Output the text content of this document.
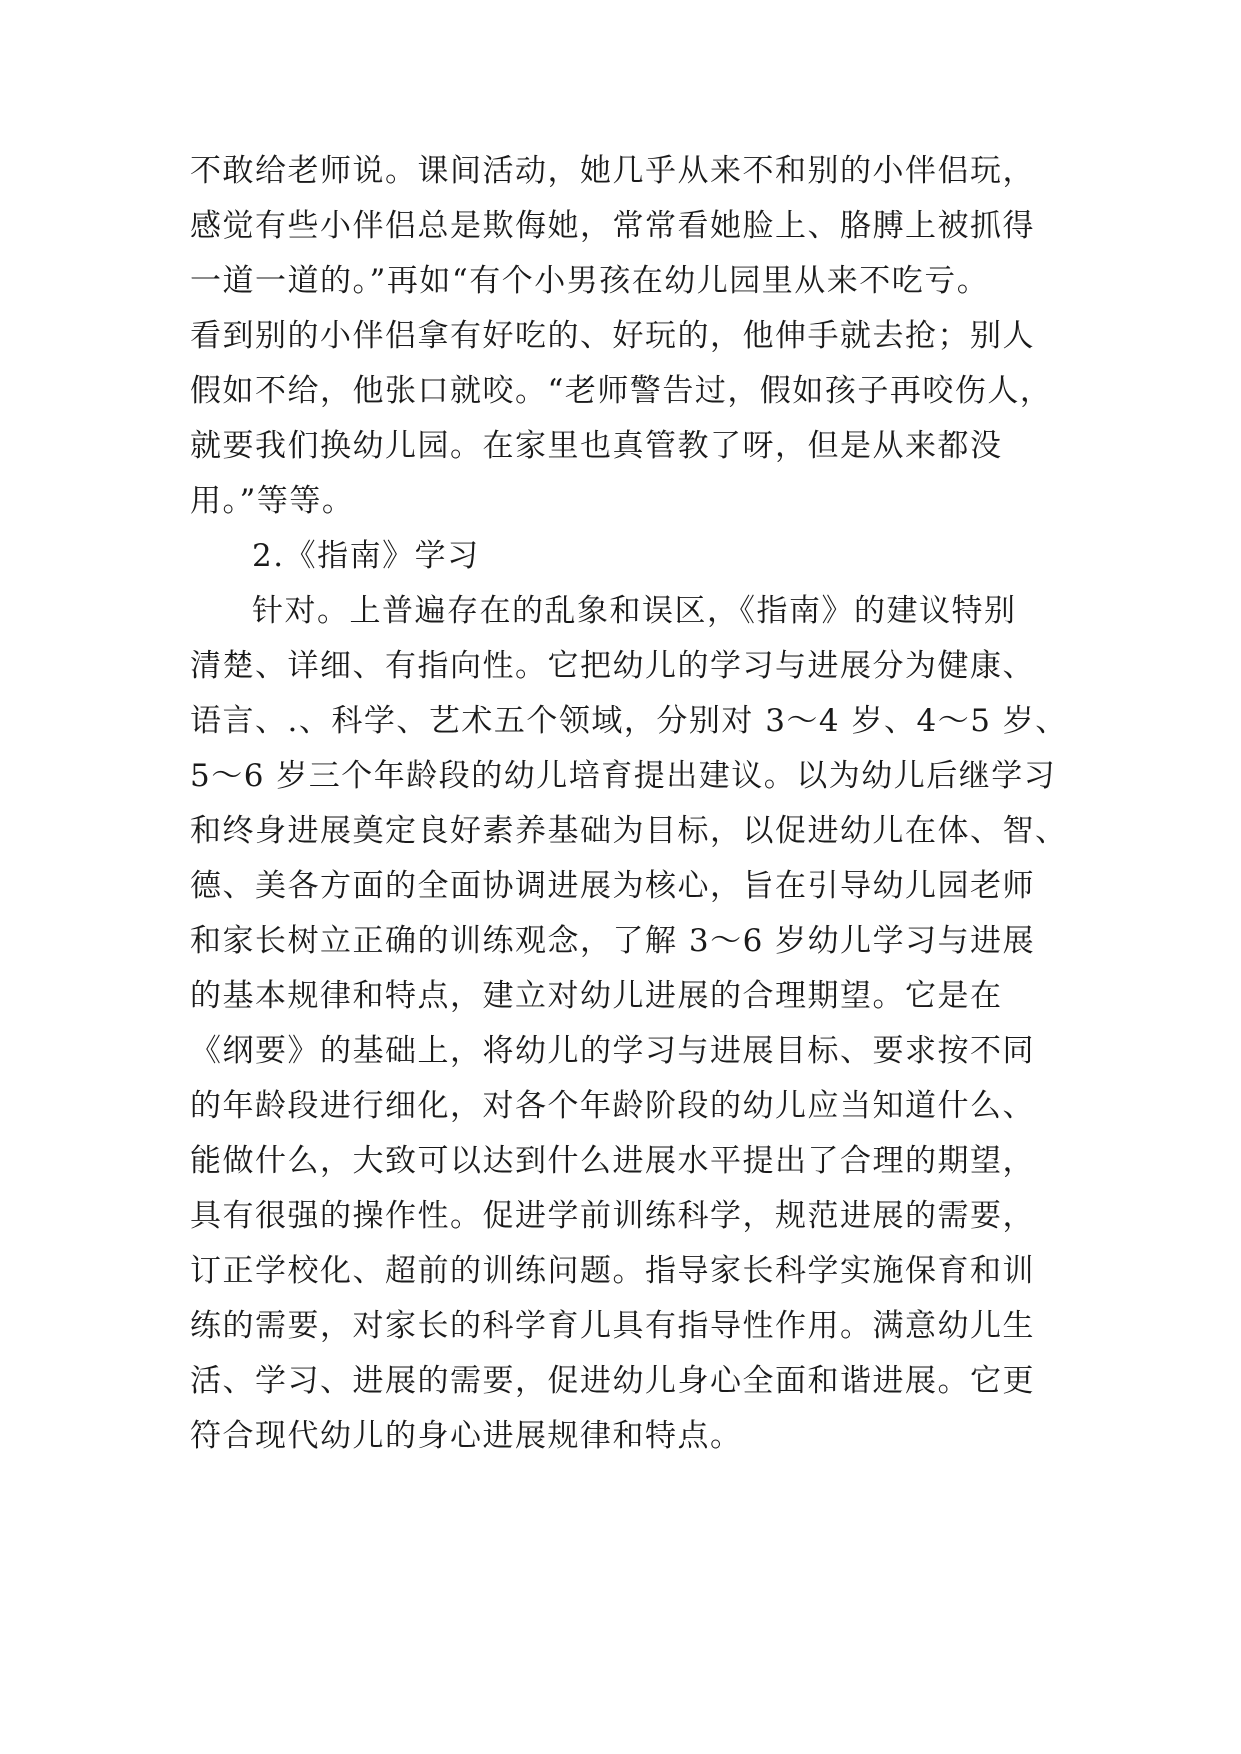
不敢给老师说。课间活动，她几乎从来不和别的小伴侣玩，
感觉有些小伴侣总是欺侮她，常常看她脸上、胳膊上被抓得
一道一道的。”再如“有个小男孩在幼儿园里从来不吃亏。
看到别的小伴侣拿有好吃的、好玩的，他伸手就去抢；别人
假如不给，他张口就咬。“老师警告过，假如孩子再咬伤人，
就要我们换幼儿园。在家里也真管教了呀，但是从来都没
用。”等等。
2.《指南》学习
针对。上普遍存在的乱象和误区，《指南》的建议特别
清楚、详细、有指向性。它把幼儿的学习与进展分为健康、
语言、.、科学、艺术五个领域，分别对 3～4 岁、4～5 岁、
5～6 岁三个年龄段的幼儿培育提出建议。以为幼儿后继学习
和终身进展奠定良好素养基础为目标，以促进幼儿在体、智、
德、美各方面的全面协调进展为核心，旨在引导幼儿园老师
和家长树立正确的训练观念，了解 3～6 岁幼儿学习与进展
的基本规律和特点，建立对幼儿进展的合理期望。它是在
《纲要》的基础上，将幼儿的学习与进展目标、要求按不同
的年龄段进行细化，对各个年龄阶段的幼儿应当知道什么、
能做什么，大致可以达到什么进展水平提出了合理的期望，
具有很强的操作性。促进学前训练科学，规范进展的需要，
订正学校化、超前的训练问题。指导家长科学实施保育和训
练的需要，对家长的科学育儿具有指导性作用。满意幼儿生
活、学习、进展的需要，促进幼儿身心全面和谐进展。它更
符合现代幼儿的身心进展规律和特点。
